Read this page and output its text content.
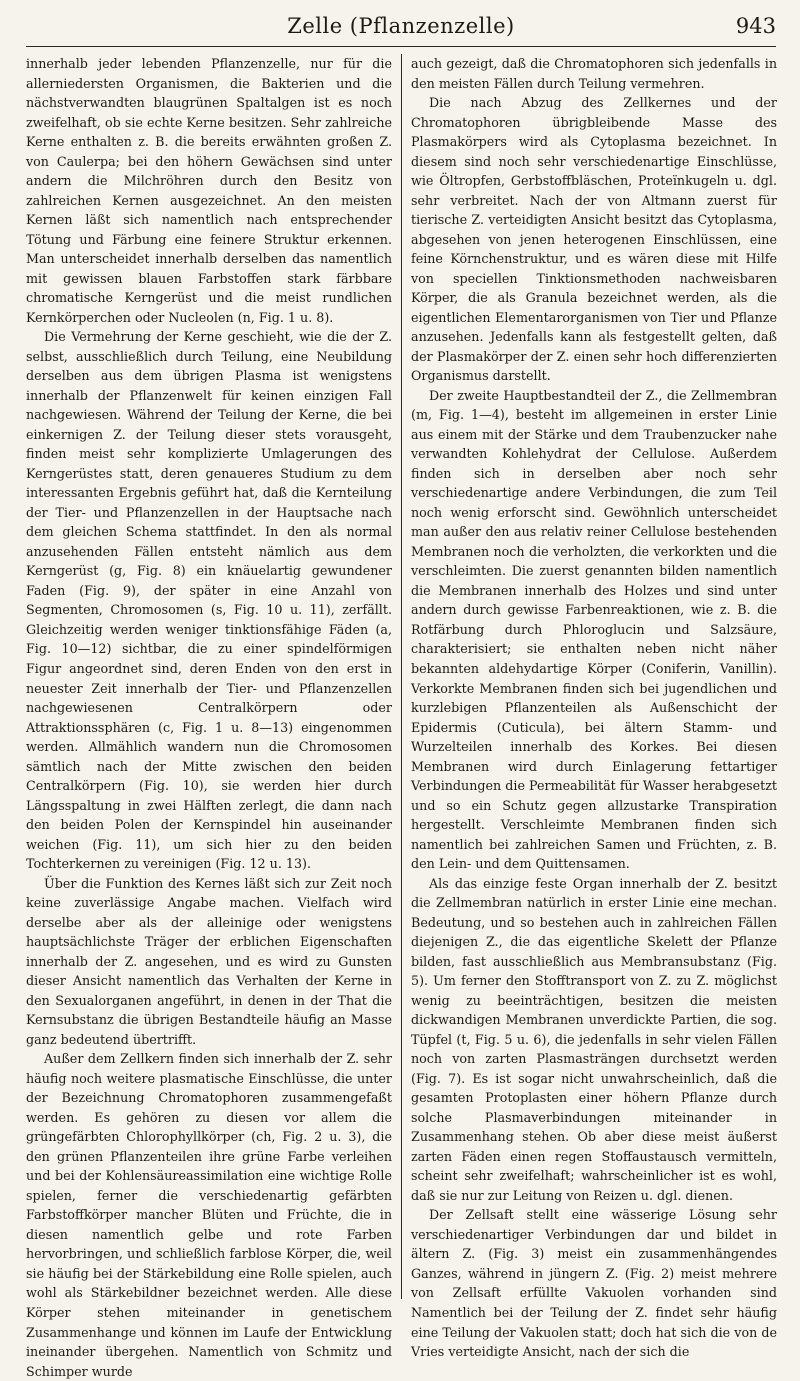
Zelle (Pflanzenzelle)	943

innerhalb jeder lebenden Pflanzenzelle, nur für die allerniedersten Organismen, die Bakterien und die nächstverwandten blaugrünen Spaltalgen ist es noch zweifelhaft, ob sie echte Kerne besitzen. Sehr zahlreiche Kerne enthalten z. B. die bereits erwähnten großen Z. von Caulerpa; bei den höhern Gewächsen sind unter andern die Milchröhren durch den Besitz von zahlreichen Kernen ausgezeichnet. An den meisten Kernen läßt sich namentlich nach entsprechender Tötung und Färbung eine feinere Struktur erkennen. Man unterscheidet innerhalb derselben das namentlich mit gewissen blauen Farbstoffen stark färbbare chromatische Kerngerüst und die meist rundlichen Kernkörperchen oder Nucleolen (n, Fig. 1 u. 8).

Die Vermehrung der Kerne geschieht, wie die der Z. selbst, ausschließlich durch Teilung, eine Neubildung derselben aus dem übrigen Plasma ist wenigstens innerhalb der Pflanzenwelt für keinen einzigen Fall nachgewiesen. Während der Teilung der Kerne, die bei einkernigen Z. der Teilung dieser stets vorausgeht, finden meist sehr komplizierte Umlagerungen des Kerngerüstes statt, deren genaueres Studium zu dem interessanten Ergebnis geführt hat, daß die Kernteilung der Tier- und Pflanzenzellen in der Hauptsache nach dem gleichen Schema stattfindet. In den als normal anzusehenden Fällen entsteht nämlich aus dem Kerngerüst (g, Fig. 8) ein knäuelartig gewundener Faden (Fig. 9), der später in eine Anzahl von Segmenten, Chromosomen (s, Fig. 10 u. 11), zerfällt. Gleichzeitig werden weniger tinktionsfähige Fäden (a, Fig. 10—12) sichtbar, die zu einer spindelförmigen Figur angeordnet sind, deren Enden von den erst in neuester Zeit innerhalb der Tier- und Pflanzenzellen nachgewiesenen Centralkörpern oder Attraktionssphären (c, Fig. 1 u. 8—13) eingenommen werden. Allmählich wandern nun die Chromosomen sämtlich nach der Mitte zwischen den beiden Centralkörpern (Fig. 10), sie werden hier durch Längsspaltung in zwei Hälften zerlegt, die dann nach den beiden Polen der Kernspindel hin auseinander weichen (Fig. 11), um sich hier zu den beiden Tochterkernen zu vereinigen (Fig. 12 u. 13).

Über die Funktion des Kernes läßt sich zur Zeit noch keine zuverlässige Angabe machen. Vielfach wird derselbe aber als der alleinige oder wenigstens hauptsächlichste Träger der erblichen Eigenschaften innerhalb der Z. angesehen, und es wird zu Gunsten dieser Ansicht namentlich das Verhalten der Kerne in den Sexualorganen angeführt, in denen in der That die Kernsubstanz die übrigen Bestandteile häufig an Masse ganz bedeutend übertrifft.

Außer dem Zellkern finden sich innerhalb der Z. sehr häufig noch weitere plasmatische Einschlüsse, die unter der Bezeichnung Chromatophoren zusammengefaßt werden. Es gehören zu diesen vor allem die grüngefärbten Chlorophyllkörper (ch, Fig. 2 u. 3), die den grünen Pflanzenteilen ihre grüne Farbe verleihen und bei der Kohlensäureassimilation eine wichtige Rolle spielen, ferner die verschiedenartig gefärbten Farbstoffkörper mancher Blüten und Früchte, die in diesen namentlich gelbe und rote Farben hervorbringen, und schließlich farblose Körper, die, weil sie häufig bei der Stärkebildung eine Rolle spielen, auch wohl als Stärkebildner bezeichnet werden. Alle diese Körper stehen miteinander in genetischem Zusammenhange und können im Laufe der Entwicklung ineinander übergehen. Namentlich von Schmitz und Schimper wurde

auch gezeigt, daß die Chromatophoren sich jedenfalls in den meisten Fällen durch Teilung vermehren.

Die nach Abzug des Zellkernes und der Chromatophoren übrigbleibende Masse des Plasmakörpers wird als Cytoplasma bezeichnet. In diesem sind noch sehr verschiedenartige Einschlüsse, wie Öltropfen, Gerbstoffbläschen, Proteïnkugeln u. dgl. sehr verbreitet. Nach der von Altmann zuerst für tierische Z. verteidigten Ansicht besitzt das Cytoplasma, abgesehen von jenen heterogenen Einschlüssen, eine feine Körnchenstruktur, und es wären diese mit Hilfe von speciellen Tinktionsmethoden nachweisbaren Körper, die als Granula bezeichnet werden, als die eigentlichen Elementarorganismen von Tier und Pflanze anzusehen. Jedenfalls kann als festgestellt gelten, daß der Plasmakörper der Z. einen sehr hoch differenzierten Organismus darstellt.

Der zweite Hauptbestandteil der Z., die Zellmembran (m, Fig. 1—4), besteht im allgemeinen in erster Linie aus einem mit der Stärke und dem Traubenzucker nahe verwandten Kohlehydrat der Cellulose. Außerdem finden sich in derselben aber noch sehr verschiedenartige andere Verbindungen, die zum Teil noch wenig erforscht sind. Gewöhnlich unterscheidet man außer den aus relativ reiner Cellulose bestehenden Membranen noch die verholzten, die verkorkten und die verschleimten. Die zuerst genannten bilden namentlich die Membranen innerhalb des Holzes und sind unter andern durch gewisse Farbenreaktionen, wie z. B. die Rotfärbung durch Phloroglucin und Salzsäure, charakterisiert; sie enthalten neben nicht näher bekannten aldehydartige Körper (Coniferin, Vanillin). Verkorkte Membranen finden sich bei jugendlichen und kurzlebigen Pflanzenteilen als Außenschicht der Epidermis (Cuticula), bei ältern Stamm- und Wurzelteilen innerhalb des Korkes. Bei diesen Membranen wird durch Einlagerung fettartiger Verbindungen die Permeabilität für Wasser herabgesetzt und so ein Schutz gegen allzustarke Transpiration hergestellt. Verschleimte Membranen finden sich namentlich bei zahlreichen Samen und Früchten, z. B. den Lein- und dem Quittensamen.

Als das einzige feste Organ innerhalb der Z. besitzt die Zellmembran natürlich in erster Linie eine mechan. Bedeutung, und so bestehen auch in zahlreichen Fällen diejenigen Z., die das eigentliche Skelett der Pflanze bilden, fast ausschließlich aus Membransubstanz (Fig. 5). Um ferner den Stofftransport von Z. zu Z. möglichst wenig zu beeinträchtigen, besitzen die meisten dickwandigen Membranen unverdickte Partien, die sog. Tüpfel (t, Fig. 5 u. 6), die jedenfalls in sehr vielen Fällen noch von zarten Plasmasträngen durchsetzt werden (Fig. 7). Es ist sogar nicht unwahrscheinlich, daß die gesamten Protoplasten einer höhern Pflanze durch solche Plasmaverbindungen miteinander in Zusammenhang stehen. Ob aber diese meist äußerst zarten Fäden einen regen Stoffaustausch vermitteln, scheint sehr zweifelhaft; wahrscheinlicher ist es wohl, daß sie nur zur Leitung von Reizen u. dgl. dienen.

Der Zellsaft stellt eine wässerige Lösung sehr verschiedenartiger Verbindungen dar und bildet in ältern Z. (Fig. 3) meist ein zusammenhängendes Ganzes, während in jüngern Z. (Fig. 2) meist mehrere von Zellsaft erfüllte Vakuolen vorhanden sind Namentlich bei der Teilung der Z. findet sehr häufig eine Teilung der Vakuolen statt; doch hat sich die von de Vries verteidigte Ansicht, nach der sich die
